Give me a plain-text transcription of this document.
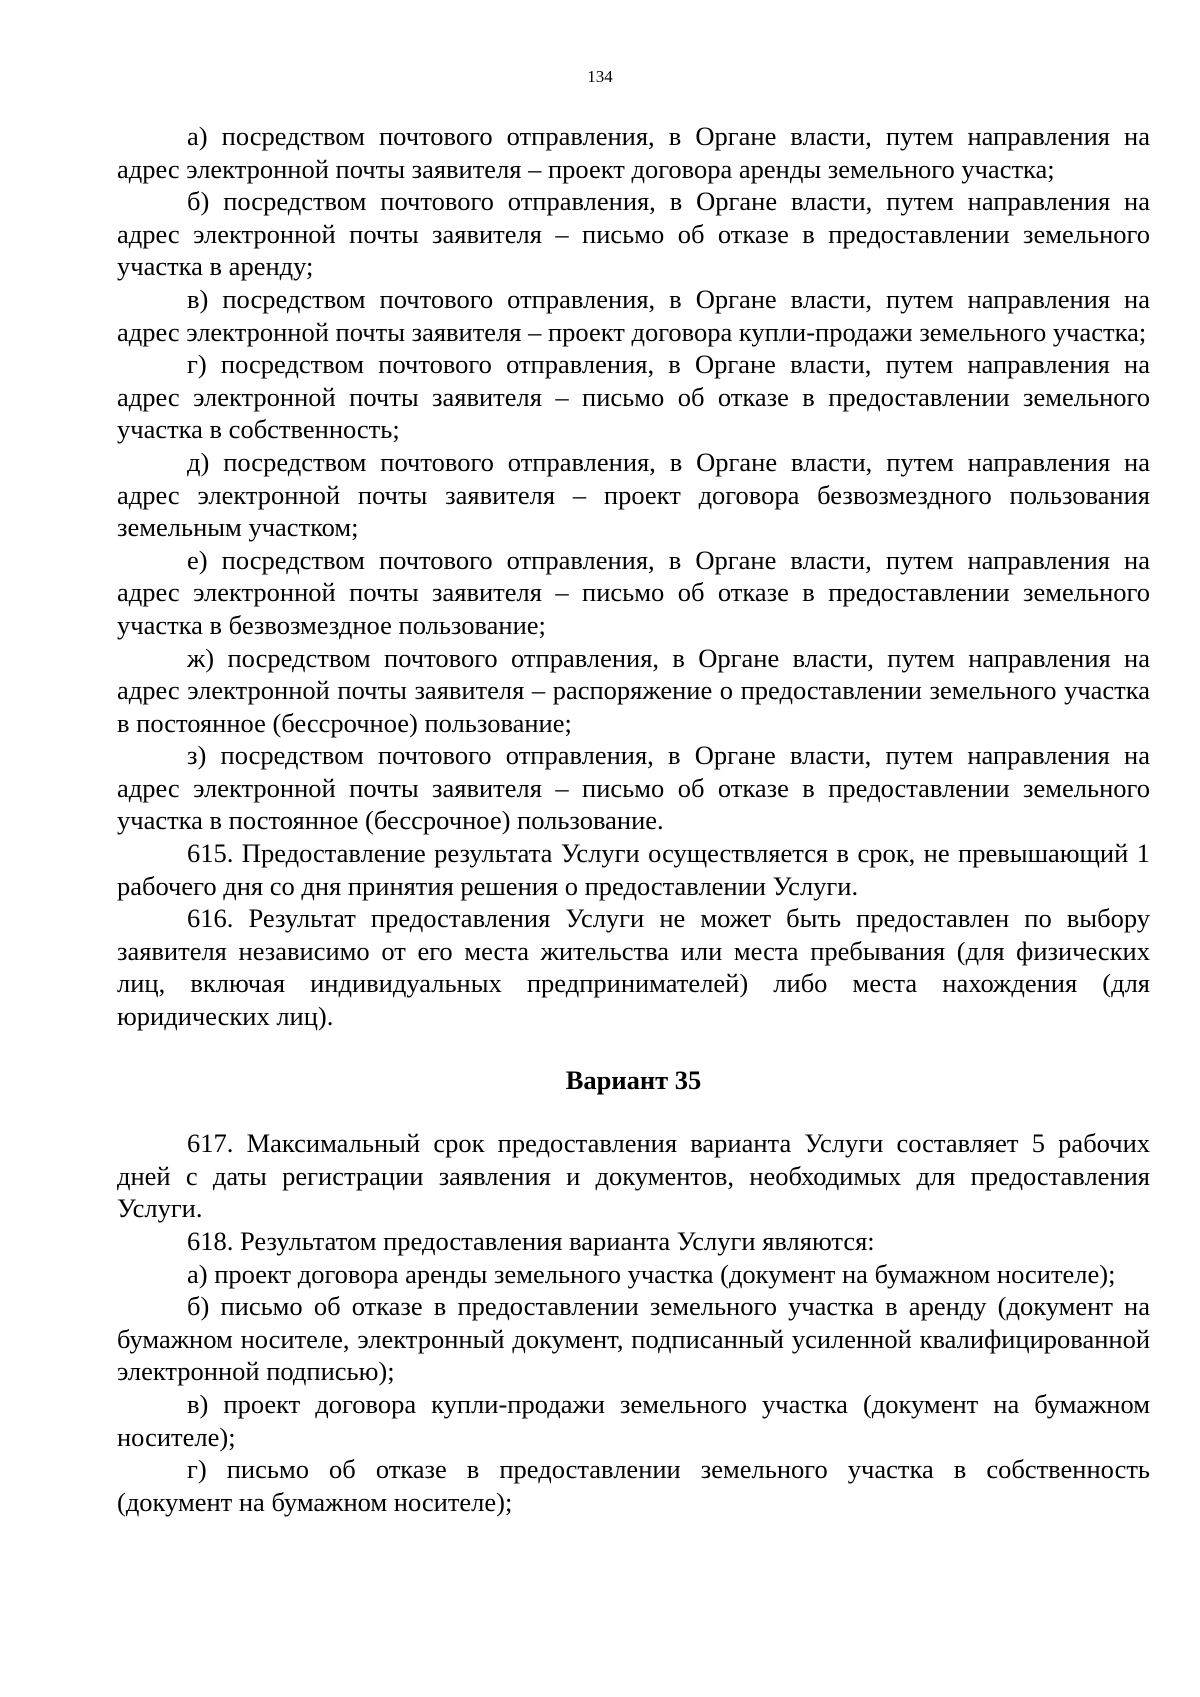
134

а) посредством почтового отправления, в Органе власти, путем направления на адрес электронной почты заявителя – проект договора аренды земельного участка;

б) посредством почтового отправления, в Органе власти, путем направления на адрес электронной почты заявителя – письмо об отказе в предоставлении земельного участка в аренду;

в) посредством почтового отправления, в Органе власти, путем направления на адрес электронной почты заявителя – проект договора купли-продажи земельного участка;

г) посредством почтового отправления, в Органе власти, путем направления на адрес электронной почты заявителя – письмо об отказе в предоставлении земельного участка в собственность;

д) посредством почтового отправления, в Органе власти, путем направления на адрес электронной почты заявителя – проект договора безвозмездного пользования земельным участком;

е) посредством почтового отправления, в Органе власти, путем направления на адрес электронной почты заявителя – письмо об отказе в предоставлении земельного участка в безвозмездное пользование;

ж) посредством почтового отправления, в Органе власти, путем направления на адрес электронной почты заявителя – распоряжение о предоставлении земельного участка в постоянное (бессрочное) пользование;

з) посредством почтового отправления, в Органе власти, путем направления на адрес электронной почты заявителя – письмо об отказе в предоставлении земельного участка в постоянное (бессрочное) пользование.

615. Предоставление результата Услуги осуществляется в срок, не превышающий 1 рабочего дня со дня принятия решения о предоставлении Услуги.

616. Результат предоставления Услуги не может быть предоставлен по выбору заявителя независимо от его места жительства или места пребывания (для физических лиц, включая индивидуальных предпринимателей) либо места нахождения (для юридических лиц).

Вариант 35

617. Максимальный срок предоставления варианта Услуги составляет 5 рабочих дней с даты регистрации заявления и документов, необходимых для предоставления Услуги.

618. Результатом предоставления варианта Услуги являются:

а) проект договора аренды земельного участка (документ на бумажном носителе);

б) письмо об отказе в предоставлении земельного участка в аренду (документ на бумажном носителе, электронный документ, подписанный усиленной квалифицированной электронной подписью);

в) проект договора купли-продажи земельного участка (документ на бумажном носителе);

г) письмо об отказе в предоставлении земельного участка в собственность (документ на бумажном носителе);
